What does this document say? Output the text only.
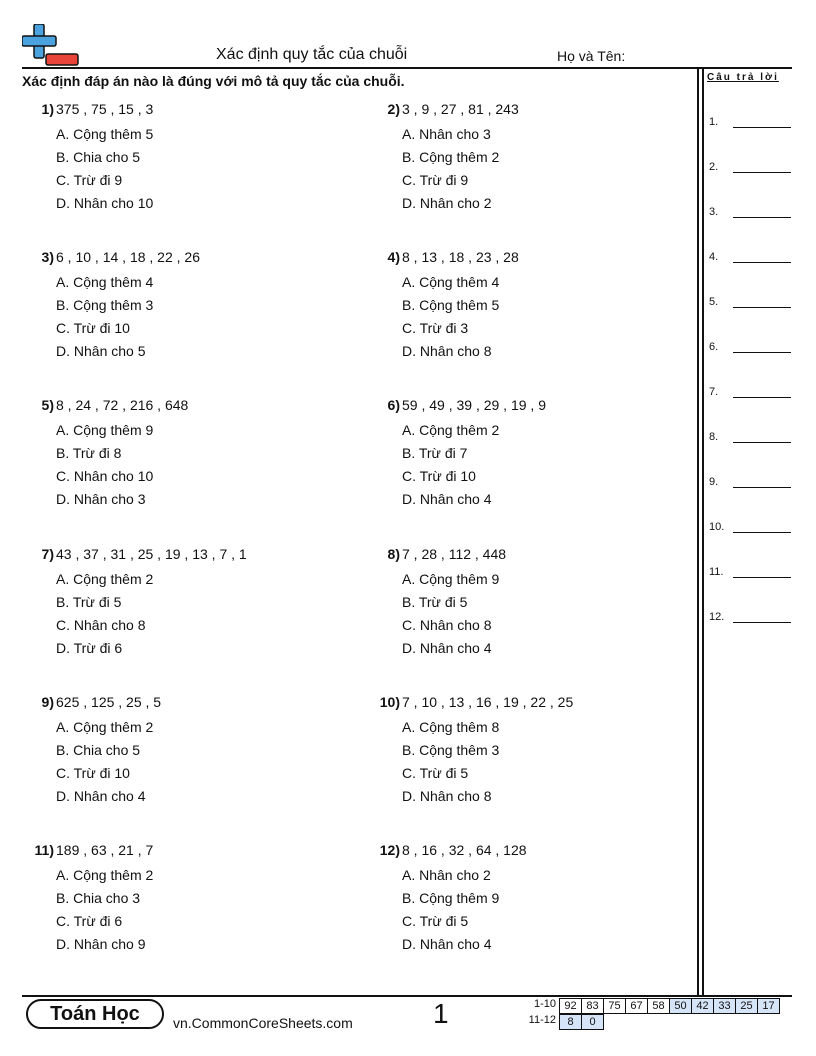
Xác định quy tắc của chuỗi	Họ và Tên:
Xác định đáp án nào là đúng với mô tả quy tắc của chuỗi.	Câu trả lời
1.
2.
3.
4.
5.
6.
7.
8.
9.
10.
11.
12.
1) 375 , 75 , 15 , 3
A. Cộng thêm 5
B. Chia cho 5
C. Trừ đi 9
D. Nhân cho 10
2) 3 , 9 , 27 , 81 , 243
A. Nhân cho 3
B. Cộng thêm 2
C. Trừ đi 9
D. Nhân cho 2
3) 6 , 10 , 14 , 18 , 22 , 26
A. Cộng thêm 4
B. Cộng thêm 3
C. Trừ đi 10
D. Nhân cho 5
4) 8 , 13 , 18 , 23 , 28
A. Cộng thêm 4
B. Cộng thêm 5
C. Trừ đi 3
D. Nhân cho 8
5) 8 , 24 , 72 , 216 , 648
A. Cộng thêm 9
B. Trừ đi 8
C. Nhân cho 10
D. Nhân cho 3
6) 59 , 49 , 39 , 29 , 19 , 9
A. Cộng thêm 2
B. Trừ đi 7
C. Trừ đi 10
D. Nhân cho 4
7) 43 , 37 , 31 , 25 , 19 , 13 , 7 , 1
A. Cộng thêm 2
B. Trừ đi 5
C. Nhân cho 8
D. Trừ đi 6
8) 7 , 28 , 112 , 448
A. Cộng thêm 9
B. Trừ đi 5
C. Nhân cho 8
D. Nhân cho 4
9) 625 , 125 , 25 , 5
A. Cộng thêm 2
B. Chia cho 5
C. Trừ đi 10
D. Nhân cho 4
10) 7 , 10 , 13 , 16 , 19 , 22 , 25
A. Cộng thêm 8
B. Cộng thêm 3
C. Trừ đi 5
D. Nhân cho 8
11) 189 , 63 , 21 , 7
A. Cộng thêm 2
B. Chia cho 3
C. Trừ đi 6
D. Nhân cho 9
12) 8 , 16 , 32 , 64 , 128
A. Nhân cho 2
B. Cộng thêm 9
C. Trừ đi 5
D. Nhân cho 4
Toán Học	vn.CommonCoreSheets.com	1	1-10 92 83 75 67 58 50 42 33 25 17
11-12 8 0
